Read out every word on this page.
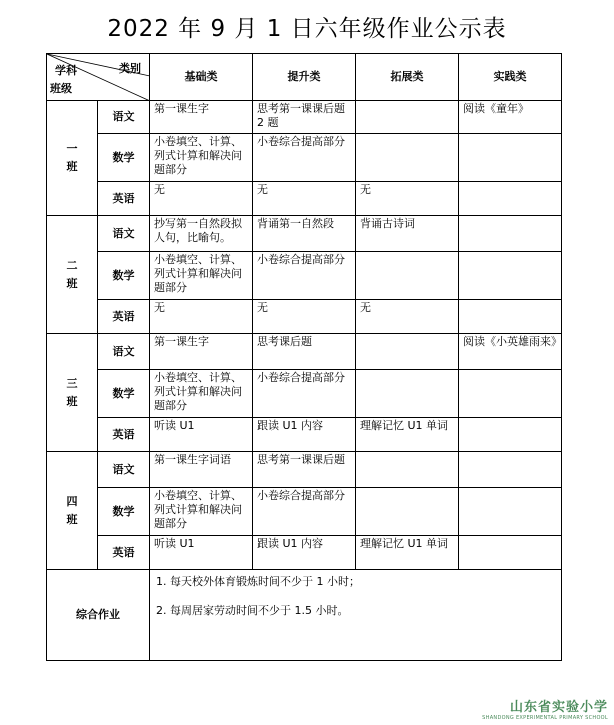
2022 年 9 月 1 日六年级作业公示表
学科 类别
班级		基础类	提升类	拓展类	实践类
一
班	语文	第一课生字	思考第一课课后题 2 题		阅读《童年》
	数学	小卷填空、计算、列式计算和解决问题部分	小卷综合提高部分		
	英语	无	无	无	
二
班	语文	抄写第一自然段拟人句，比喻句。	背诵第一自然段	背诵古诗词	
	数学	小卷填空、计算、列式计算和解决问题部分	小卷综合提高部分		
	英语	无	无	无	
三
班	语文	第一课生字	思考课后题		阅读《小英雄雨来》
	数学	小卷填空、计算、列式计算和解决问题部分	小卷综合提高部分		
	英语	听读 U1	跟读 U1 内容	理解记忆 U1 单词	
四
班	语文	第一课生字词语	思考第一课课后题		
	数学	小卷填空、计算、列式计算和解决问题部分	小卷综合提高部分		
	英语	听读 U1	跟读 U1 内容	理解记忆 U1 单词	
综合作业		1. 每天校外体育锻炼时间不少于 1 小时；

2. 每周居家劳动时间不少于 1.5 小时。			

山东省实验小学
SHANDONG EXPERIMENTAL PRIMARY SCHOOL
